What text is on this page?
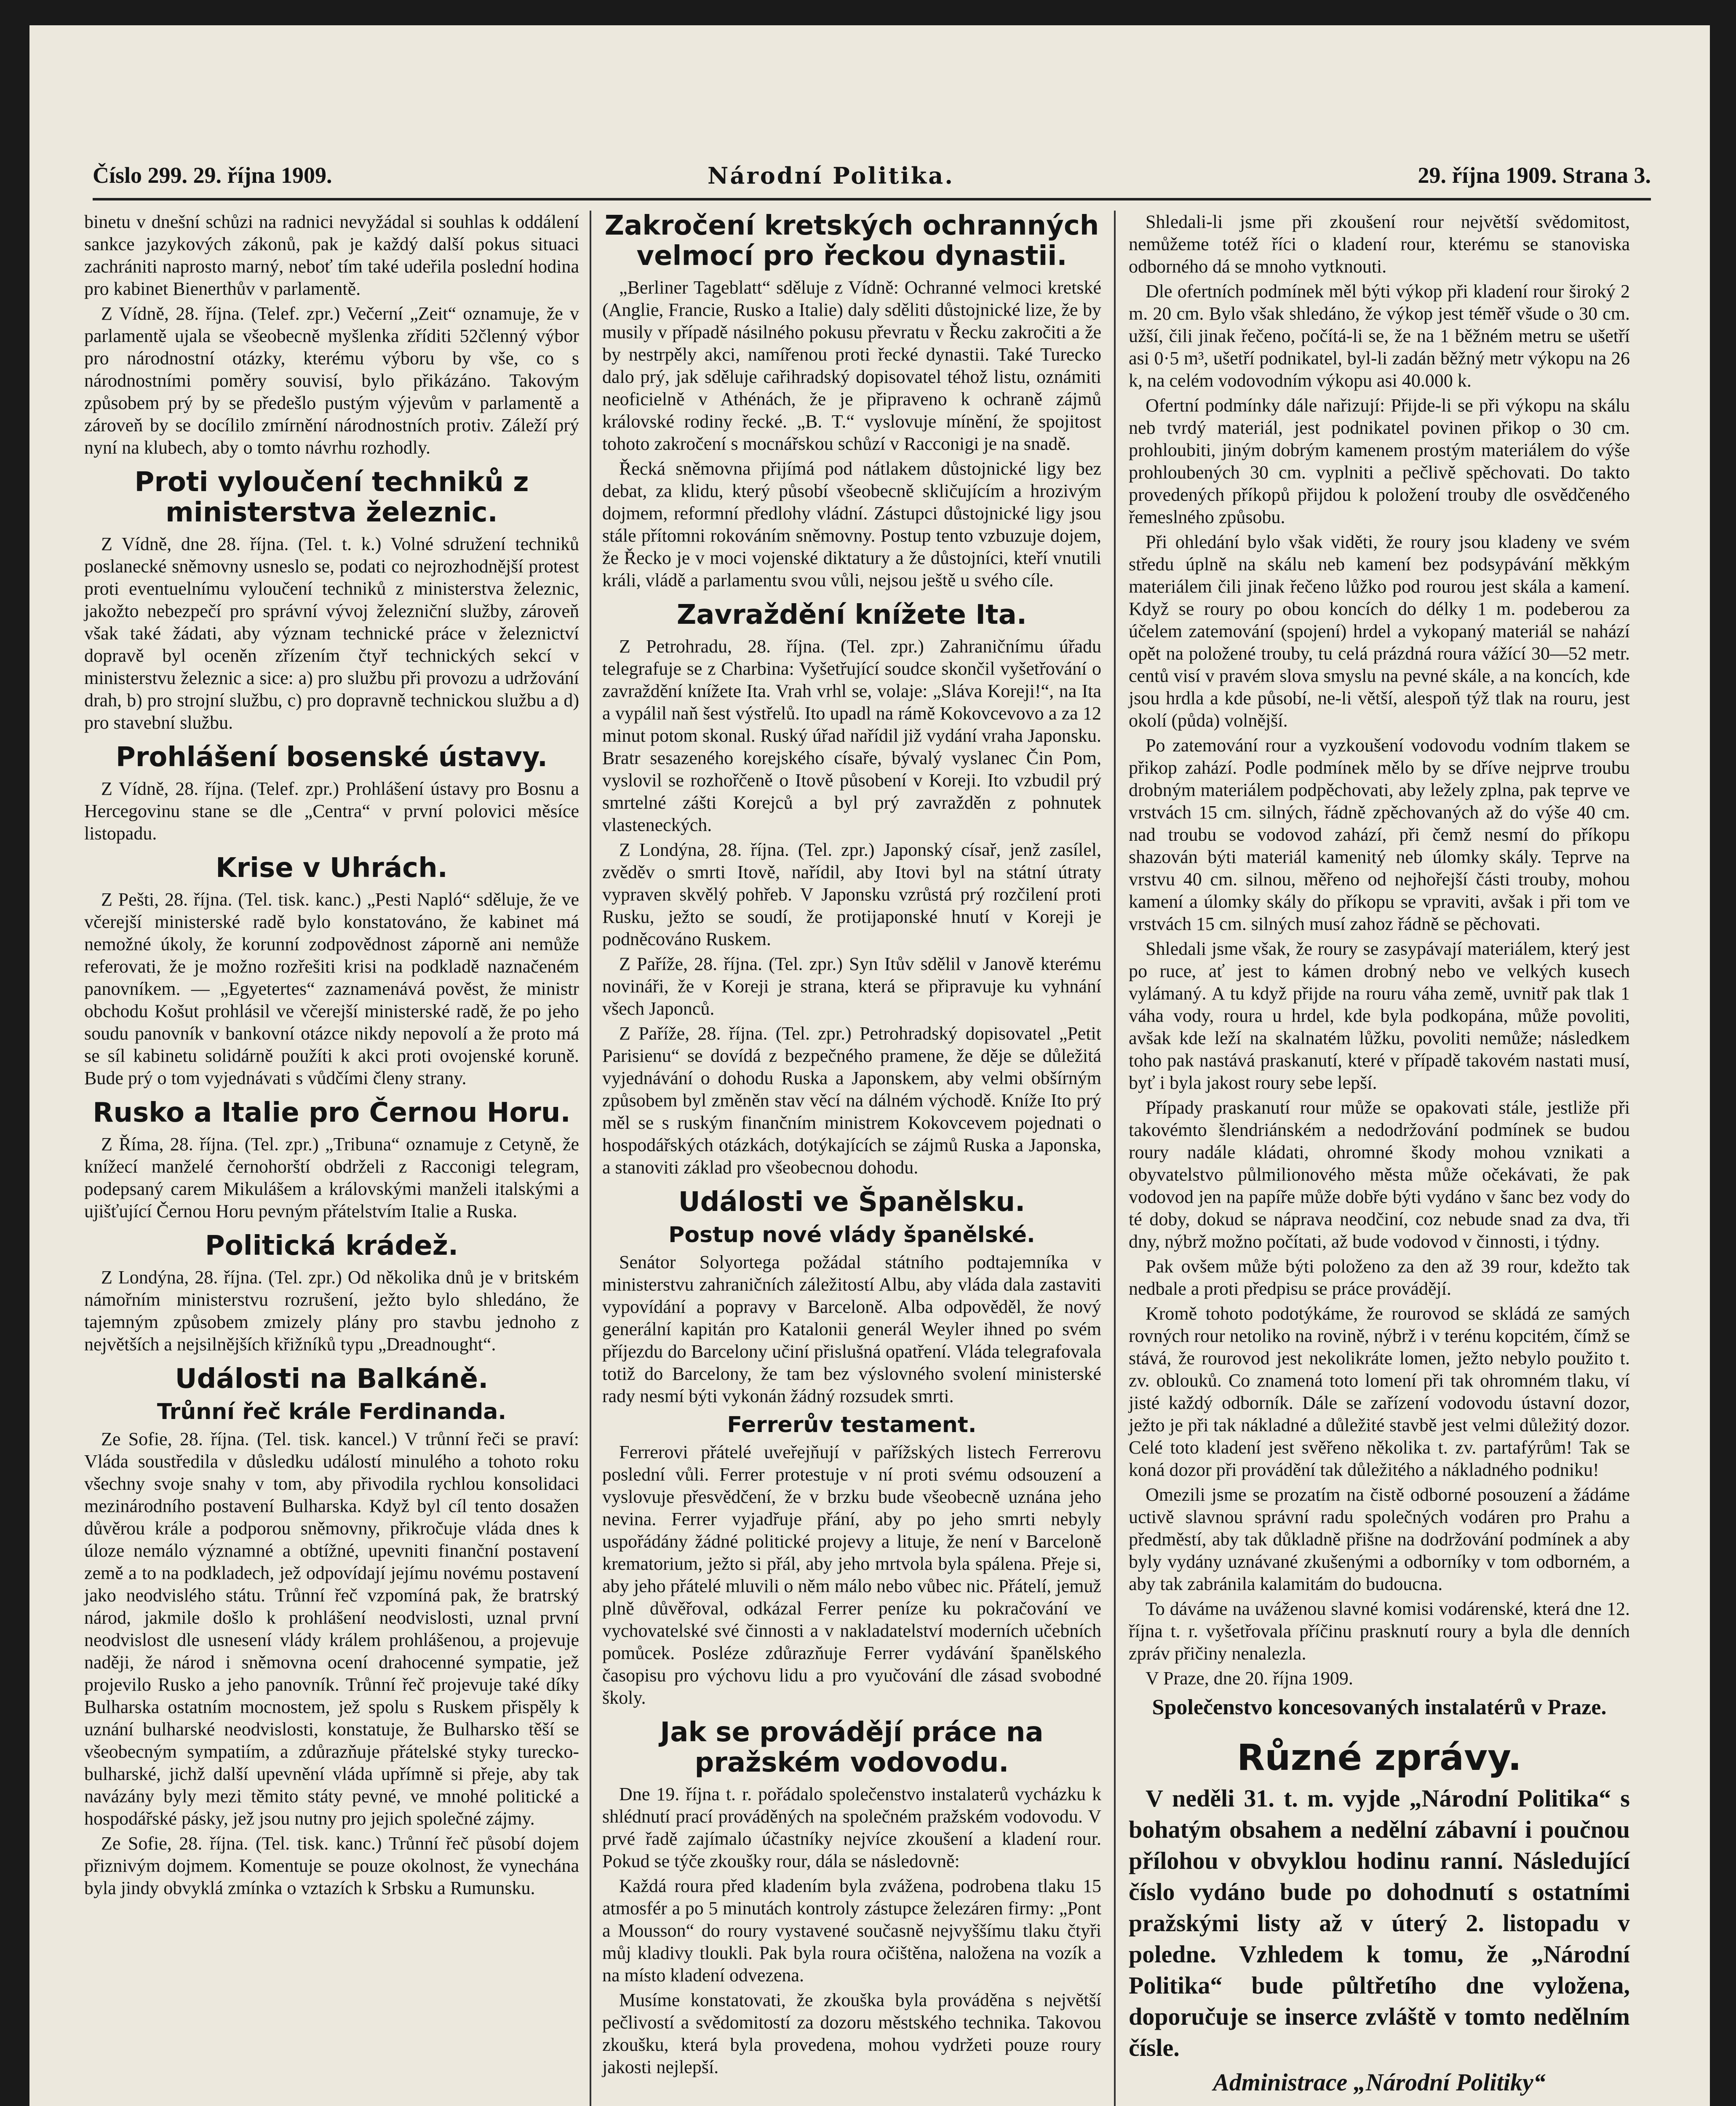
Číslo 299. 29. října 1909.	Národní Politika.	29. října 1909. Strana 3.

binetu v dnešní schůzi na radnici nevyžádal si souhlas k oddálení sankce jazykových zákonů, pak je každý další pokus situaci zachrániti naprosto marný, neboť tím také udeřila poslední hodina pro kabinet Bienerthův v parlamentě.

Z Vídně, 28. října. (Telef. zpr.) Večerní „Zeit“ oznamuje, že v parlamentě ujala se všeobecně myšlenka zříditi 52členný výbor pro národnostní otázky, kterému výboru by vše, co s národnostními poměry souvisí, bylo přikázáno. Takovým způsobem prý by se předešlo pustým výjevům v parlamentě a zároveň by se docílilo zmírnění národnostních protiv. Záleží prý nyní na klubech, aby o tomto návrhu rozhodly.

Proti vyloučení techniků z ministerstva železnic.

Z Vídně, dne 28. října. (Tel. t. k.) Volné sdružení techniků poslanecké sněmovny usneslo se, podati co nejrozhodnější protest proti eventuelnímu vyloučení techniků z ministerstva železnic, jakožto nebezpečí pro správní vývoj železniční služby, zároveň však také žádati, aby význam technické práce v železnictví dopravě byl oceněn zřízením čtyř technických sekcí v ministerstvu železnic a sice: a) pro službu při provozu a udržování drah, b) pro strojní službu, c) pro dopravně technickou službu a d) pro stavební službu.

Prohlášení bosenské ústavy.

Z Vídně, 28. října. (Telef. zpr.) Prohlášení ústavy pro Bosnu a Hercegovinu stane se dle „Centra“ v první polovici měsíce listopadu.

Krise v Uhrách.

Z Pešti, 28. října. (Tel. tisk. kanc.) „Pesti Napló“ sděluje, že ve včerejší ministerské radě bylo konstatováno, že kabinet má nemožné úkoly, že korunní zodpovědnost záporně ani nemůže referovati, že je možno rozřešiti krisi na podkladě naznačeném panovníkem. — „Egyetertes“ zaznamenává pověst, že ministr obchodu Košut prohlásil ve včerejší ministerské radě, že po jeho soudu panovník v bankovní otázce nikdy nepovolí a že proto má se síl kabinetu solidárně použíti k akci proti ovojenské koruně. Bude prý o tom vyjednávati s vůdčími členy strany.

Rusko a Italie pro Černou Horu.

Z Říma, 28. října. (Tel. zpr.) „Tribuna“ oznamuje z Cetyně, že knížecí manželé černohorští obdrželi z Racconigi telegram, podepsaný carem Mikulášem a královskými manželi italskými a ujišťující Černou Horu pevným přátelstvím Italie a Ruska.

Politická krádež.

Z Londýna, 28. října. (Tel. zpr.) Od několika dnů je v britském námořním ministerstvu rozrušení, ježto bylo shledáno, že tajemným způsobem zmizely plány pro stavbu jednoho z největších a nejsilnějších křižníků typu „Dreadnought“.

Události na Balkáně.
Trůnní řeč krále Ferdinanda.

Ze Sofie, 28. října. (Tel. tisk. kancel.) V trůnní řeči se praví: Vláda soustředila v důsledku událostí minulého a tohoto roku všechny svoje snahy v tom, aby přivodila rychlou konsolidaci mezinárodního postavení Bulharska. Když byl cíl tento dosažen důvěrou krále a podporou sněmovny, přikročuje vláda dnes k úloze nemálo významné a obtížné, upevniti finanční postavení země a to na podkladech, jež odpovídají jejímu novému postavení jako neodvislého státu. Trůnní řeč vzpomíná pak, že bratrský národ, jakmile došlo k prohlášení neodvislosti, uznal první neodvislost dle usnesení vlády králem prohlášenou, a projevuje naději, že národ i sněmovna ocení drahocenné sympatie, jež projevilo Rusko a jeho panovník. Trůnní řeč projevuje také díky Bulharska ostatním mocnostem, jež spolu s Ruskem přispěly k uznání bulharské neodvislosti, konstatuje, že Bulharsko těší se všeobecným sympatiím, a zdůrazňuje přátelské styky turecko-bulharské, jichž další upevnění vláda upřímně si přeje, aby tak navázány byly mezi těmito státy pevné, ve mnohé politické a hospodářské pásky, jež jsou nutny pro jejich společné zájmy.

Ze Sofie, 28. října. (Tel. tisk. kanc.) Trůnní řeč působí dojem přiznivým dojmem. Komentuje se pouze okolnost, že vynechána byla jindy obvyklá zmínka o vztazích k Srbsku a Rumunsku.

Zakročení kretských ochranných velmocí pro řeckou dynastii.

„Berliner Tageblatt“ sděluje z Vídně: Ochranné velmoci kretské (Anglie, Francie, Rusko a Italie) daly sděliti důstojnické lize, že by musily v případě násilného pokusu převratu v Řecku zakročiti a že by nestrpěly akci, namířenou proti řecké dynastii. Také Turecko dalo prý, jak sděluje cařihradský dopisovatel téhož listu, oznámiti neoficielně v Athénách, že je připraveno k ochraně zájmů královské rodiny řecké. „B. T.“ vyslovuje mínění, že spojitost tohoto zakročení s mocnářskou schůzí v Racconigi je na snadě.

Řecká sněmovna přijímá pod nátlakem důstojnické ligy bez debat, za klidu, který působí všeobecně skličujícím a hrozivým dojmem, reformní předlohy vládní. Zástupci důstojnické ligy jsou stále přítomni rokováním sněmovny. Postup tento vzbuzuje dojem, že Řecko je v moci vojenské diktatury a že důstojníci, kteří vnutili králi, vládě a parlamentu svou vůli, nejsou ještě u svého cíle.

Zavraždění knížete Ita.

Z Petrohradu, 28. října. (Tel. zpr.) Zahraničnímu úřadu telegrafuje se z Charbina: Vyšetřující soudce skončil vyšetřování o zavraždění knížete Ita. Vrah vrhl se, volaje: „Sláva Koreji!“, na Ita a vypálil naň šest výstřelů. Ito upadl na rámě Kokovcevovo a za 12 minut potom skonal. Ruský úřad nařídil již vydání vraha Japonsku. Bratr sesazeného korejského císaře, bývalý vyslanec Čin Pom, vyslovil se rozhořčeně o Itově působení v Koreji. Ito vzbudil prý smrtelné zášti Korejců a byl prý zavražděn z pohnutek vlasteneckých.

Z Londýna, 28. října. (Tel. zpr.) Japonský císař, jenž zasílel, zvěděv o smrti Itově, nařídil, aby Itovi byl na státní útraty vypraven skvělý pohřeb. V Japonsku vzrůstá prý rozčilení proti Rusku, ježto se soudí, že protijaponské hnutí v Koreji je podněcováno Ruskem.

Z Paříže, 28. října. (Tel. zpr.) Syn Itův sdělil v Janově kterému novináři, že v Koreji je strana, která se připravuje ku vyhnání všech Japonců.

Z Paříže, 28. října. (Tel. zpr.) Petrohradský dopisovatel „Petit Parisienu“ se dovídá z bezpečného pramene, že děje se důležitá vyjednávání o dohodu Ruska a Japonskem, aby velmi obšírným způsobem byl změněn stav věcí na dálném východě. Kníže Ito prý měl se s ruským finančním ministrem Kokovcevem pojednati o hospodářských otázkách, dotýkajících se zájmů Ruska a Japonska, a stanoviti základ pro všeobecnou dohodu.

Události ve Španělsku.
Postup nové vlády španělské.

Senátor Solyortega požádal státního podtajemníka v ministerstvu zahraničních záležitostí Albu, aby vláda dala zastaviti vypovídání a popravy v Barceloně. Alba odpověděl, že nový generální kapitán pro Katalonii generál Weyler ihned po svém příjezdu do Barcelony učiní přislušná opatření. Vláda telegrafovala totiž do Barcelony, že tam bez výslovného svolení ministerské rady nesmí býti vykonán žádný rozsudek smrti.

Ferrerův testament.

Ferrerovi přátelé uveřejňují v pařížských listech Ferrerovu poslední vůli. Ferrer protestuje v ní proti svému odsouzení a vyslovuje přesvědčení, že v brzku bude všeobecně uznána jeho nevina. Ferrer vyjadřuje přání, aby po jeho smrti nebyly uspořádány žádné politické projevy a lituje, že není v Barceloně krematorium, ježto si přál, aby jeho mrtvola byla spálena. Přeje si, aby jeho přátelé mluvili o něm málo nebo vůbec nic. Přátelí, jemuž plně důvěřoval, odkázal Ferrer peníze ku pokračování ve vychovatelské své činnosti a v nakladatelství moderních učebních pomůcek. Posléze zdůrazňuje Ferrer vydávání španělského časopisu pro výchovu lidu a pro vyučování dle zásad svobodné školy.

Jak se provádějí práce na pražském vodovodu.

Dne 19. října t. r. pořádalo společenstvo instalaterů vycházku k shlédnutí prací prováděných na společném pražském vodovodu. V prvé řadě zajímalo účastníky nejvíce zkoušení a kladení rour. Pokud se týče zkoušky rour, dála se následovně:

Každá roura před kladením byla zvážena, podrobena tlaku 15 atmosfér a po 5 minutách kontroly zástupce železáren firmy: „Pont a Mousson“ do roury vystavené současně nejvyššímu tlaku čtyři můj kladivy tloukli. Pak byla roura očištěna, naložena na vozík a na místo kladení odvezena.

Musíme konstatovati, že zkouška byla prováděna s největší pečlivostí a svědomitostí za dozoru městského technika. Takovou zkoušku, která byla provedena, mohou vydržeti pouze roury jakosti nejlepší.

Shledali-li jsme při zkoušení rour největší svědomitost, nemůžeme totéž říci o kladení rour, kterému se stanoviska odborného dá se mnoho vytknouti.

Dle ofertních podmínek měl býti výkop při kladení rour široký 2 m. 20 cm. Bylo však shledáno, že výkop jest téměř všude o 30 cm. užší, čili jinak řečeno, počítá-li se, že na 1 běžném metru se ušetří asi 0·5 m³, ušetří podnikatel, byl-li zadán běžný metr výkopu na 26 k, na celém vodovodním výkopu asi 40.000 k.

Ofertní podmínky dále nařizují: Přijde-li se při výkopu na skálu neb tvrdý materiál, jest podnikatel povinen přikop o 30 cm. prohloubiti, jiným dobrým kamenem prostým materiálem do výše prohloubených 30 cm. vyplniti a pečlivě spěchovati. Do takto provedených příkopů přijdou k položení trouby dle osvědčeného řemeslného způsobu.

Při ohledání bylo však viděti, že roury jsou kladeny ve svém středu úplně na skálu neb kamení bez podsypávání měkkým materiálem čili jinak řečeno lůžko pod rourou jest skála a kamení. Když se roury po obou koncích do délky 1 m. podeberou za účelem zatemování (spojení) hrdel a vykopaný materiál se nahází opět na položené trouby, tu celá prázdná roura vážící 30—52 metr. centů visí v pravém slova smyslu na pevné skále, a na koncích, kde jsou hrdla a kde působí, ne-li větší, alespoň týž tlak na rouru, jest okolí (půda) volnější.

Po zatemování rour a vyzkoušení vodovodu vodním tlakem se přikop zahází. Podle podmínek mělo by se dříve nejprve troubu drobným materiálem podpěchovati, aby ležely zplna, pak teprve ve vrstvách 15 cm. silných, řádně zpěchovaných až do výše 40 cm. nad troubu se vodovod zahází, při čemž nesmí do příkopu shazován býti materiál kamenitý neb úlomky skály. Teprve na vrstvu 40 cm. silnou, měřeno od nejhořejší části trouby, mohou kamení a úlomky skály do příkopu se vpraviti, avšak i při tom ve vrstvách 15 cm. silných musí zahoz řádně se pěchovati.

Shledali jsme však, že roury se zasypávají materiálem, který jest po ruce, ať jest to kámen drobný nebo ve velkých kusech vylámaný. A tu když přijde na rouru váha země, uvnitř pak tlak 1 váha vody, roura u hrdel, kde byla podkopána, může povoliti, avšak kde leží na skalnatém lůžku, povoliti nemůže; následkem toho pak nastává praskanutí, které v případě takovém nastati musí, byť i byla jakost roury sebe lepší.

Případy praskanutí rour může se opakovati stále, jestliže při takovémto šlendriánském a nedodržování podmínek se budou roury nadále kládati, ohromné škody mohou vznikati a obyvatelstvo půlmilionového města může očekávati, že pak vodovod jen na papíře může dobře býti vydáno v šanc bez vody do té doby, dokud se náprava neodčiní, coz nebude snad za dva, tři dny, nýbrž možno počítati, až bude vodovod v činnosti, i týdny.

Pak ovšem může býti položeno za den až 39 rour, kdežto tak nedbale a proti předpisu se práce provádějí.

Kromě tohoto podotýkáme, že rourovod se skládá ze samých rovných rour netoliko na rovině, nýbrž i v terénu kopcitém, čímž se stává, že rourovod jest nekolikráte lomen, ježto nebylo použito t. zv. oblouků. Co znamená toto lomení při tak ohromném tlaku, ví jisté každý odborník. Dále se zařízení vodovodu ústavní dozor, ježto je při tak nákladné a důležité stavbě jest velmi důležitý dozor. Celé toto kladení jest svěřeno několika t. zv. partafýrům! Tak se koná dozor při provádění tak důležitého a nákladného podniku!

Omezili jsme se prozatím na čistě odborné posouzení a žádáme uctivě slavnou správní radu společných vodáren pro Prahu a předměstí, aby tak důkladně přišne na dodržování podmínek a aby byly vydány uznávané zkušenými a odborníky v tom odborném, a aby tak zabránila kalamitám do budoucna.

To dáváme na uváženou slavné komisi vodárenské, která dne 12. října t. r. vyšetřovala příčinu prasknutí roury a byla dle denních zpráv přičiny nenalezla.

V Praze, dne 20. října 1909.

Společenstvo koncesovaných instalatérů v Praze.
Různé zprávy.

V neděli 31. t. m. vyjde „Národní Politika“ s bohatým obsahem a nedělní zábavní i poučnou přílohou v obvyklou hodinu ranní. Následující číslo vydáno bude po dohodnutí s ostatními pražskými listy až v úterý 2. listopadu v poledne. Vzhledem k tomu, že „Národní Politika“ bude půltřetího dne vyložena, doporučuje se inserce zvláště v tomto nedělním čísle.

Administrace „Národní Politiky“
